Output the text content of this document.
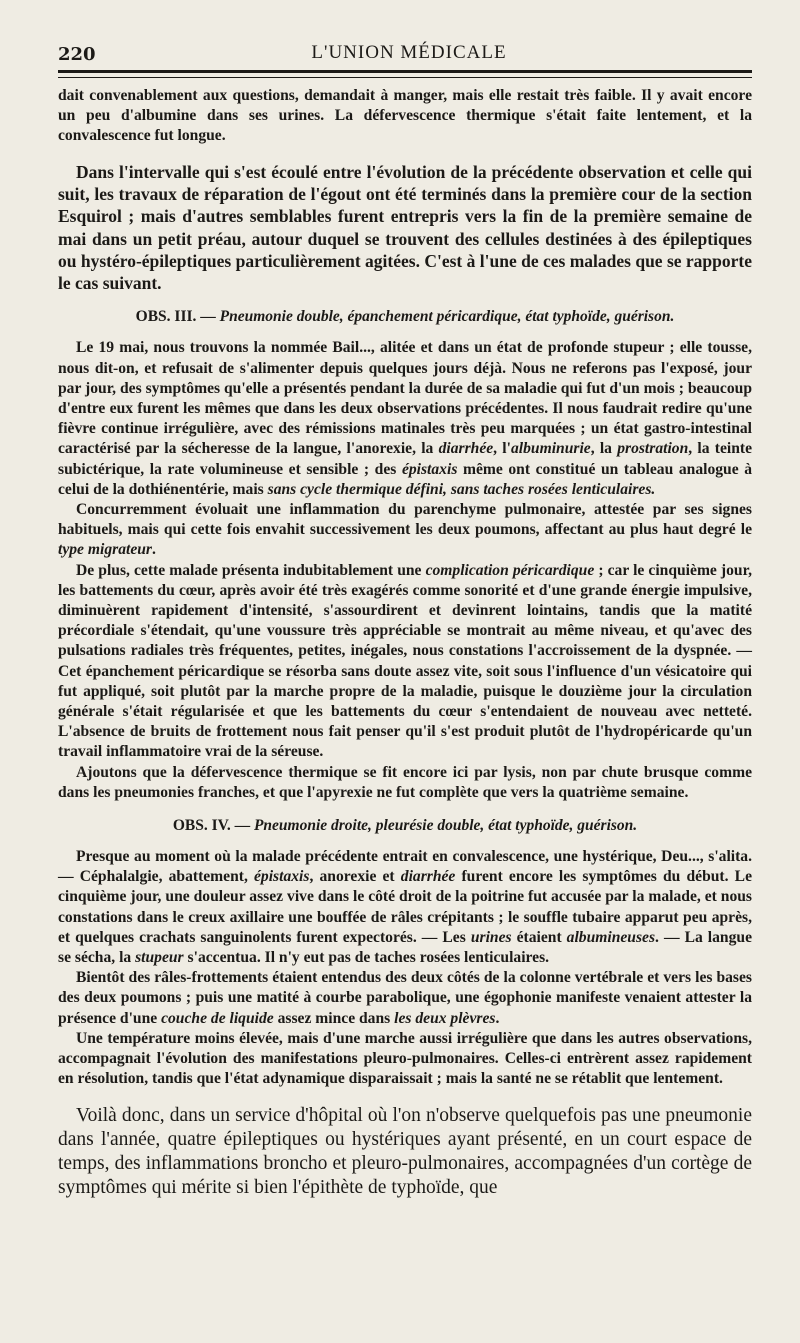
220	L'UNION MÉDICALE

dait convenablement aux questions, demandait à manger, mais elle restait très faible. Il y avait encore un peu d'albumine dans ses urines. La défervescence thermique s'était faite lentement, et la convalescence fut longue.

Dans l'intervalle qui s'est écoulé entre l'évolution de la précédente observation et celle qui suit, les travaux de réparation de l'égout ont été terminés dans la première cour de la section Esquirol ; mais d'autres semblables furent entrepris vers la fin de la première semaine de mai dans un petit préau, autour duquel se trouvent des cellules destinées à des épileptiques ou hystéro-épileptiques particulièrement agitées. C'est à l'une de ces malades que se rapporte le cas suivant.

OBS. III. — Pneumonie double, épanchement péricardique, état typhoïde, guérison.

Le 19 mai, nous trouvons la nommée Bail..., alitée et dans un état de profonde stupeur ; elle tousse, nous dit-on, et refusait de s'alimenter depuis quelques jours déjà. Nous ne referons pas l'exposé, jour par jour, des symptômes qu'elle a présentés pendant la durée de sa maladie qui fut d'un mois ; beaucoup d'entre eux furent les mêmes que dans les deux observations précédentes. Il nous faudrait redire qu'une fièvre continue irrégulière, avec des rémissions matinales très peu marquées ; un état gastro-intestinal caractérisé par la sécheresse de la langue, l'anorexie, la diarrhée, l'albuminurie, la prostration, la teinte subictérique, la rate volumineuse et sensible ; des épistaxis même ont constitué un tableau analogue à celui de la dothiénentérie, mais sans cycle thermique défini, sans taches rosées lenticulaires.

Concurremment évoluait une inflammation du parenchyme pulmonaire, attestée par ses signes habituels, mais qui cette fois envahit successivement les deux poumons, affectant au plus haut degré le type migrateur.

De plus, cette malade présenta indubitablement une complication péricardique ; car le cinquième jour, les battements du cœur, après avoir été très exagérés comme sonorité et d'une grande énergie impulsive, diminuèrent rapidement d'intensité, s'assourdirent et devinrent lointains, tandis que la matité précordiale s'étendait, qu'une voussure très appréciable se montrait au même niveau, et qu'avec des pulsations radiales très fréquentes, petites, inégales, nous constations l'accroissement de la dyspnée. — Cet épanchement péricardique se résorba sans doute assez vite, soit sous l'influence d'un vésicatoire qui fut appliqué, soit plutôt par la marche propre de la maladie, puisque le douzième jour la circulation générale s'était régularisée et que les battements du cœur s'entendaient de nouveau avec netteté. L'absence de bruits de frottement nous fait penser qu'il s'est produit plutôt de l'hydropéricarde qu'un travail inflammatoire vrai de la séreuse.

Ajoutons que la défervescence thermique se fit encore ici par lysis, non par chute brusque comme dans les pneumonies franches, et que l'apyrexie ne fut complète que vers la quatrième semaine.

OBS. IV. — Pneumonie droite, pleurésie double, état typhoïde, guérison.

Presque au moment où la malade précédente entrait en convalescence, une hystérique, Deu..., s'alita. — Céphalalgie, abattement, épistaxis, anorexie et diarrhée furent encore les symptômes du début. Le cinquième jour, une douleur assez vive dans le côté droit de la poitrine fut accusée par la malade, et nous constations dans le creux axillaire une bouffée de râles crépitants ; le souffle tubaire apparut peu après, et quelques crachats sanguinolents furent expectorés. — Les urines étaient albumineuses. — La langue se sécha, la stupeur s'accentua. Il n'y eut pas de taches rosées lenticulaires.

Bientôt des râles-frottements étaient entendus des deux côtés de la colonne vertébrale et vers les bases des deux poumons ; puis une matité à courbe parabolique, une égophonie manifeste venaient attester la présence d'une couche de liquide assez mince dans les deux plèvres.

Une température moins élevée, mais d'une marche aussi irrégulière que dans les autres observations, accompagnait l'évolution des manifestations pleuro-pulmonaires. Celles-ci entrèrent assez rapidement en résolution, tandis que l'état adynamique disparaissait ; mais la santé ne se rétablit que lentement.

Voilà donc, dans un service d'hôpital où l'on n'observe quelquefois pas une pneumonie dans l'année, quatre épileptiques ou hystériques ayant présenté, en un court espace de temps, des inflammations broncho et pleuro-pulmonaires, accompagnées d'un cortège de symptômes qui mérite si bien l'épithète de typhoïde, que
